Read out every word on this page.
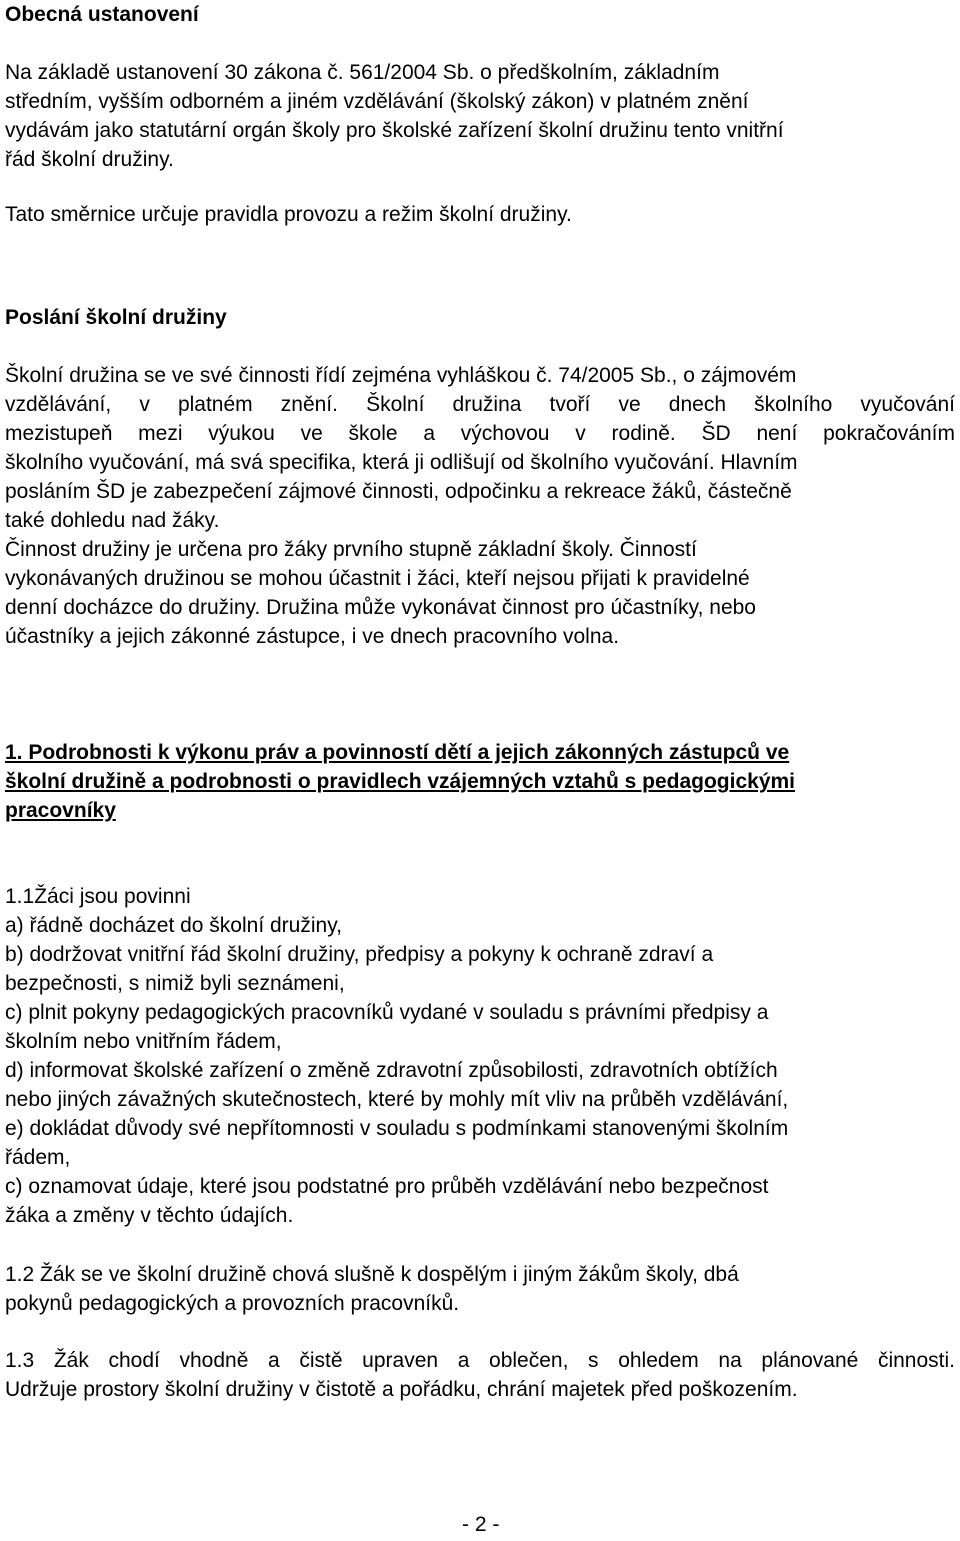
Obecná ustanovení
Na základě ustanovení 30 zákona č. 561/2004 Sb. o předškolním, základním
středním, vyšším odborném a jiném vzdělávání (školský zákon) v platném znění
vydávám jako statutární orgán školy pro školské zařízení školní družinu tento vnitřní
řád školní družiny.
Tato směrnice určuje pravidla provozu a režim školní družiny.
Poslání školní družiny
Školní družina se ve své činnosti řídí zejména vyhláškou č. 74/2005 Sb., o zájmovém
vzdělávání, v platném znění. Školní družina tvoří ve dnech školního vyučování
mezistupeň mezi výukou ve škole a výchovou v rodině. ŠD není pokračováním
školního vyučování, má svá specifika, která ji odlišují od školního vyučování. Hlavním
posláním ŠD je zabezpečení zájmové činnosti, odpočinku a rekreace žáků, částečně
také dohledu nad žáky.
Činnost družiny je určena pro žáky prvního stupně základní školy. Činností
vykonávaných družinou se mohou účastnit i žáci, kteří nejsou přijati k pravidelné
denní docházce do družiny. Družina může vykonávat činnost pro účastníky, nebo
účastníky a jejich zákonné zástupce, i ve dnech pracovního volna.
1. Podrobnosti k výkonu práv a povinností dětí a jejich zákonných zástupců ve
školní družině a podrobnosti o pravidlech vzájemných vztahů s pedagogickými
pracovníky
1.1Žáci jsou povinni
a) řádně docházet do školní družiny,
b) dodržovat vnitřní řád školní družiny, předpisy a pokyny k ochraně zdraví a
bezpečnosti, s nimiž byli seznámeni,
c) plnit pokyny pedagogických pracovníků vydané v souladu s právními předpisy a
školním nebo vnitřním řádem,
d) informovat školské zařízení o změně zdravotní způsobilosti, zdravotních obtížích
nebo jiných závažných skutečnostech, které by mohly mít vliv na průběh vzdělávání,
e) dokládat důvody své nepřítomnosti v souladu s podmínkami stanovenými školním
řádem,
c) oznamovat údaje, které jsou podstatné pro průběh vzdělávání nebo bezpečnost
žáka a změny v těchto údajích.
1.2 Žák se ve školní družině chová slušně k dospělým i jiným žákům školy, dbá
pokynů pedagogických a provozních pracovníků.
1.3 Žák chodí vhodně a čistě upraven a oblečen, s ohledem na plánované činnosti.
Udržuje prostory školní družiny v čistotě a pořádku, chrání majetek před poškozením.
- 2 -
